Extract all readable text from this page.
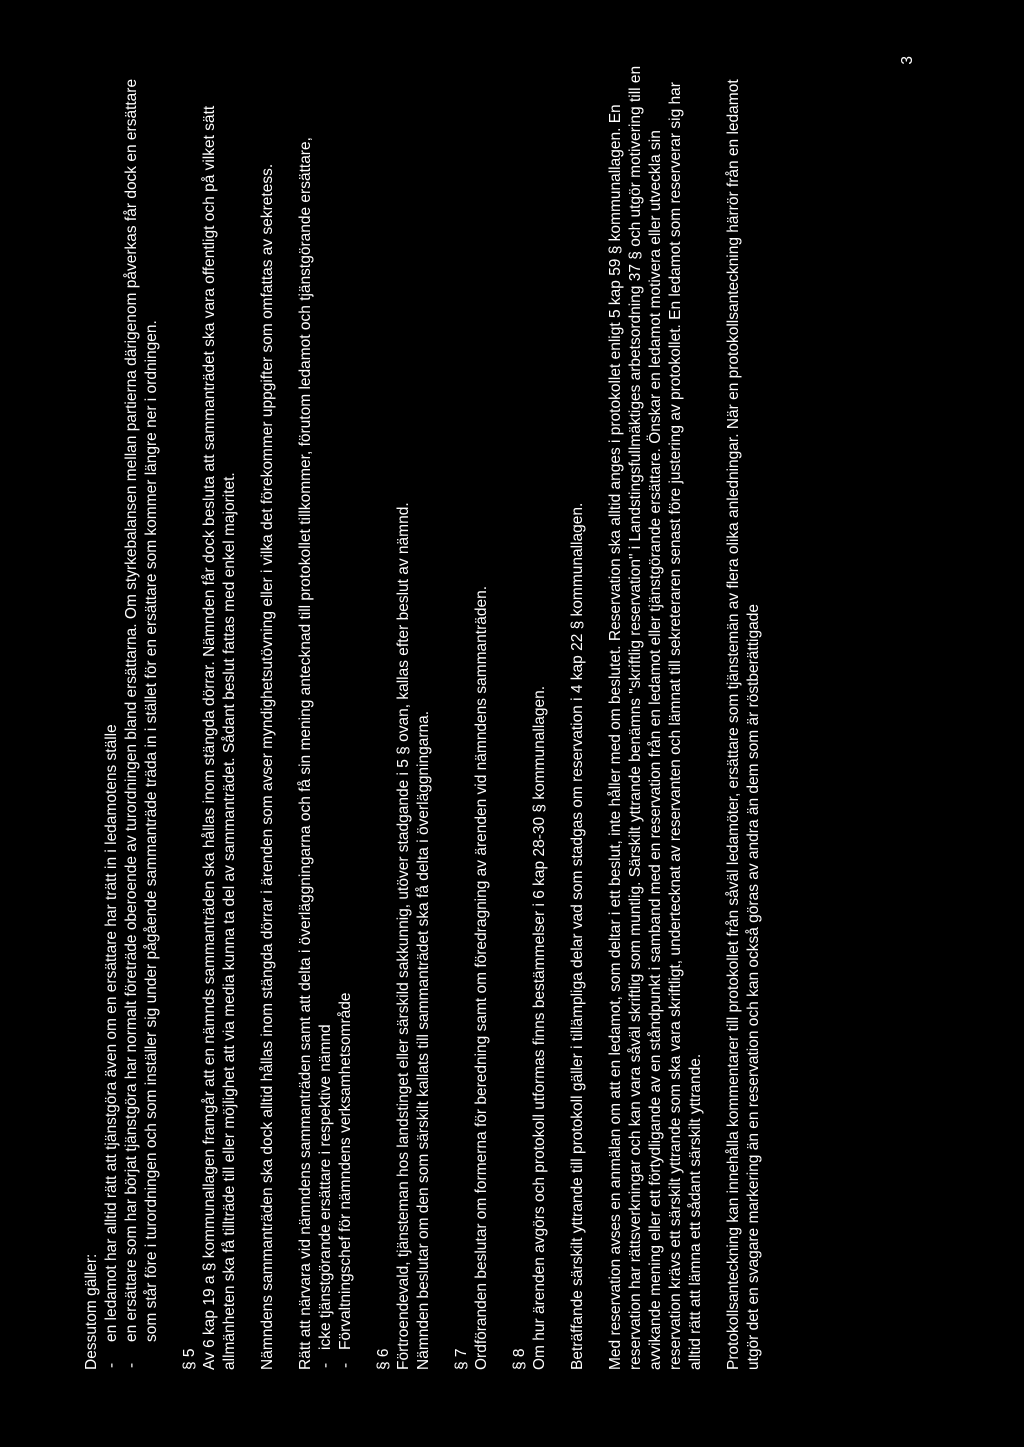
Dessutom gäller: - en ledamot har alltid rätt att tjänstgöra även om en ersättare har trätt in i ledamotens ställe - en ersättare som har börjat tjänstgöra har normalt företräde oberoende av turordningen bland ersättarna. Om styrkebalansen mellan partierna därigenom påverkas får dock en ersättare som står före i turordningen och som inställer sig under pågående sammanträde träda in i stället för en ersättare som kommer längre ner i ordningen.

§ 5 Av 6 kap 19 a § kommunallagen framgår att en nämnds sammanträden ska hållas inom stängda dörrar. Nämnden får dock besluta att sammanträdet ska vara offentligt och på vilket sätt allmänheten ska få tillträde till eller möjlighet att via media kunna ta del av sammanträdet. Sådant beslut fattas med enkel majoritet. Nämndens sammanträden ska dock alltid hållas inom stängda dörrar i ärenden som avser myndighetsutövning eller i vilka det förekommer uppgifter som omfattas av sekretess. Rätt att närvara vid nämndens sammanträden samt att delta i överläggningarna och få sin mening antecknad till protokollet tillkommer, förutom ledamot och tjänstgörande ersättare, - icke tjänstgörande ersättare i respektive nämnd - Förvaltningschef för nämndens verksamhetsområde

§ 6 Förtroendevald, tjänsteman hos landstinget eller särskild sakkunnig, utöver stadgande i 5 § ovan, kallas efter beslut av nämnd. Nämnden beslutar om den som särskilt kallats till sammanträdet ska få delta i överläggningarna. § 7 Ordföranden beslutar om formerna för beredning samt om föredragning av ärenden vid nämndens sammanträden. § 8 Om hur ärenden avgörs och protokoll utformas finns bestämmelser i 6 kap 28-30 § kommunallagen. Beträffande särskilt yttrande till protokoll gäller i tillämpliga delar vad som stadgas om reservation i 4 kap 22 § kommunallagen. Med reservation avses en anmälan om att en ledamot, som deltar i ett beslut, inte håller med om beslutet. Reservation ska alltid anges i protokollet enligt 5 kap 59 § kommunallagen. En reservation har rättsverkningar och kan vara såväl skriftlig som muntlig. Särskilt yttrande benämns "skriftlig reservation" i Landstingsfullmäktiges arbetsordning 37 § och utgör motivering till en avvikande mening eller ett förtydligande av en ståndpunkt i samband med en reservation från en ledamot eller tjänstgörande ersättare. Önskar en ledamot motivera eller utveckla sin reservation krävs ett särskilt yttrande som ska vara skriftligt, undertecknat av reservanten och lämnat till sekreteraren senast före justering av protokollet. En ledamot som reserverar sig har alltid rätt att lämna ett sådant särskilt yttrande. Protokollsanteckning kan innehålla kommentarer till protokollet från såväl ledamöter, ersättare som tjänstemän av flera olika anledningar. När en protokollsanteckning härrör från en ledamot utgör det en svagare markering än en reservation och kan också göras av andra än dem som är röstberättigade

3
